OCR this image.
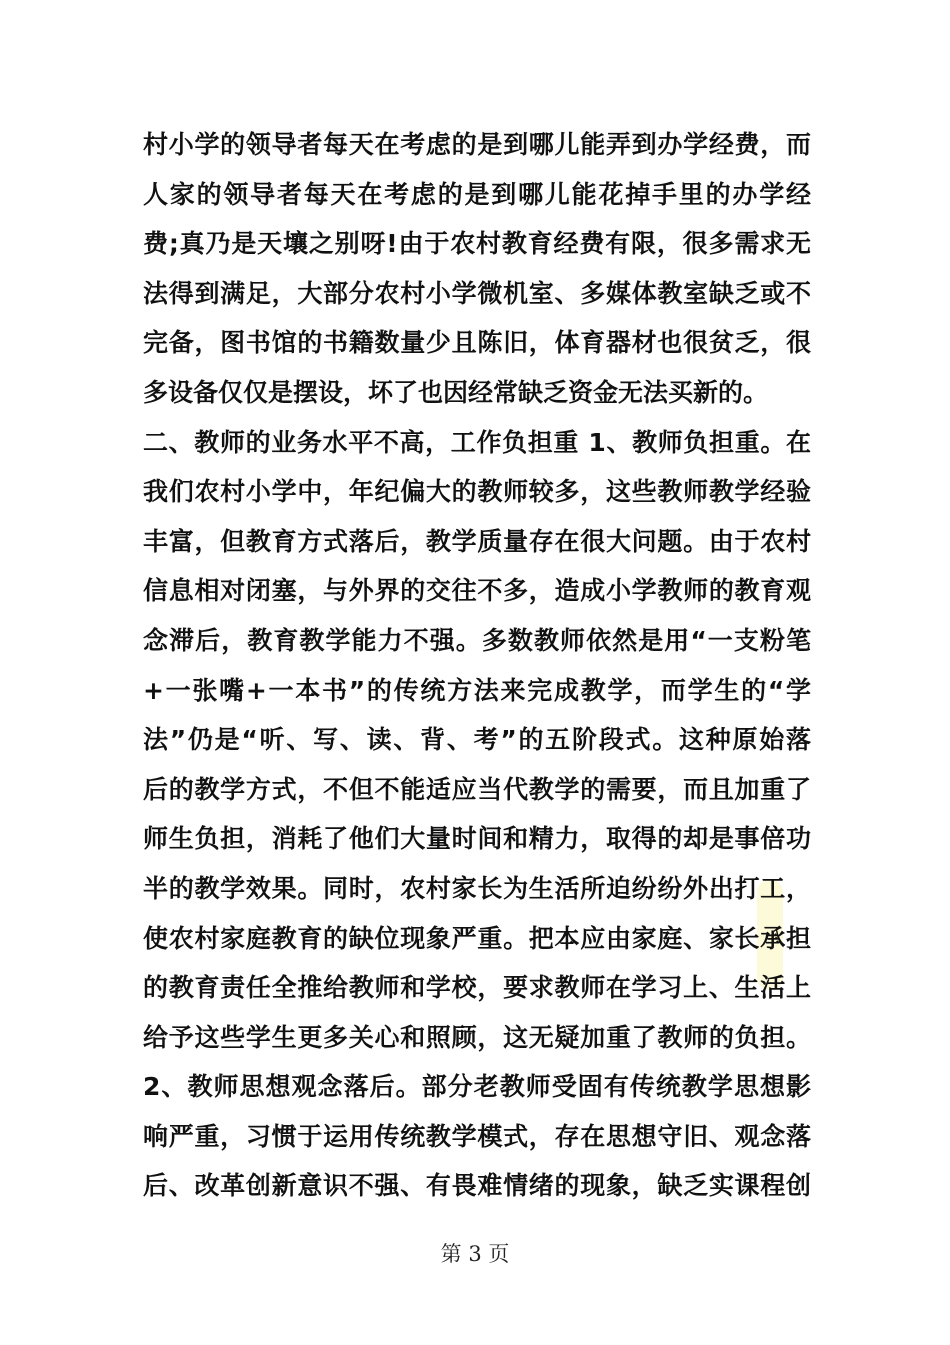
村小学的领导者每天在考虑的是到哪儿能弄到办学经费，而
人家的领导者每天在考虑的是到哪儿能花掉手里的办学经
费;真乃是天壤之别呀!由于农村教育经费有限，很多需求无
法得到满足，大部分农村小学微机室、多媒体教室缺乏或不
完备，图书馆的书籍数量少且陈旧，体育器材也很贫乏，很
多设备仅仅是摆设，坏了也因经常缺乏资金无法买新的。
二、教师的业务水平不高，工作负担重 1、教师负担重。在
我们农村小学中，年纪偏大的教师较多，这些教师教学经验
丰富，但教育方式落后，教学质量存在很大问题。由于农村
信息相对闭塞，与外界的交往不多，造成小学教师的教育观
念滞后，教育教学能力不强。多数教师依然是用“一支粉笔
+一张嘴+一本书”的传统方法来完成教学，而学生的“学
法”仍是“听、写、读、背、考”的五阶段式。这种原始落
后的教学方式，不但不能适应当代教学的需要，而且加重了
师生负担，消耗了他们大量时间和精力，取得的却是事倍功
半的教学效果。同时，农村家长为生活所迫纷纷外出打工，
使农村家庭教育的缺位现象严重。把本应由家庭、家长承担
的教育责任全推给教师和学校，要求教师在学习上、生活上
给予这些学生更多关心和照顾，这无疑加重了教师的负担。
2、教师思想观念落后。部分老教师受固有传统教学思想影
响严重，习惯于运用传统教学模式，存在思想守旧、观念落
后、改革创新意识不强、有畏难情绪的现象，缺乏实课程创
第 3 页
